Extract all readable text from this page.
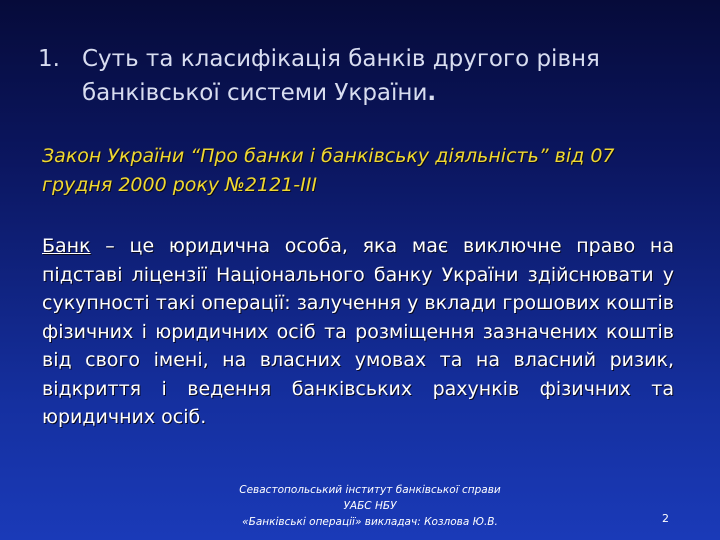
1. Суть та класифікація банків другого рівня банківської системи України.
Закон України “Про банки і банківську діяльність” від 07 грудня 2000 року №2121-ІІІ
Банк – це юридична особа, яка має виключне право на підставі ліцензії Національного банку України здійснювати у сукупності такі операції: залучення у вклади грошових коштів фізичних і юридичних осіб та розміщення зазначених коштів від свого імені, на власних умовах та на власний ризик, відкриття і ведення банківських рахунків фізичних та юридичних осіб.
Севастопольський інститут банківської справи
УАБС НБУ
«Банківські операції» викладач: Козлова Ю.В.	2
